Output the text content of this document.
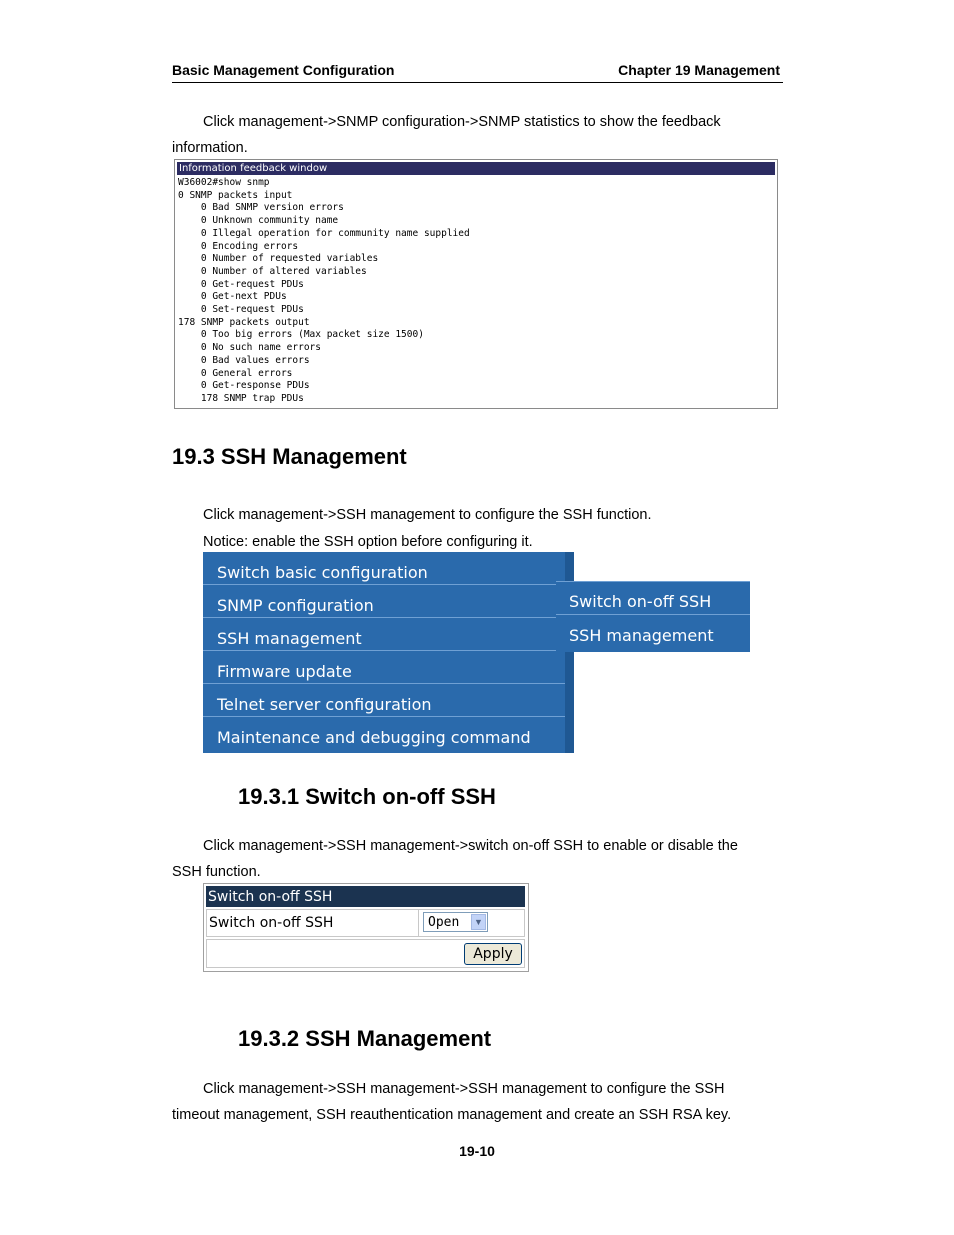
Basic Management Configuration	Chapter 19 Management
Click management->SNMP configuration->SNMP statistics to show the feedback
information.
Information feedback window
W36002#show snmp
0 SNMP packets input
0 Bad SNMP version errors
0 Unknown community name
0 Illegal operation for community name supplied
0 Encoding errors
0 Number of requested variables
0 Number of altered variables
0 Get-request PDUs
0 Get-next PDUs
0 Set-request PDUs
178 SNMP packets output
0 Too big errors (Max packet size 1500)
0 No such name errors
0 Bad values errors
0 General errors
0 Get-response PDUs
178 SNMP trap PDUs
19.3 SSH Management
Click management->SSH management to configure the SSH function.
Notice: enable the SSH option before configuring it.
Switch basic configuration
SNMP configuration
SSH management
Firmware update
Telnet server configuration
Maintenance and debugging command
Switch on-off SSH
SSH management
19.3.1 Switch on-off SSH
Click management->SSH management->switch on-off SSH to enable or disable the
SSH function.
Switch on-off SSH
Switch on-off SSH	Open	▼
Apply
19.3.2 SSH Management
Click management->SSH management->SSH management to configure the SSH
timeout management, SSH reauthentication management and create an SSH RSA key.
19-10
